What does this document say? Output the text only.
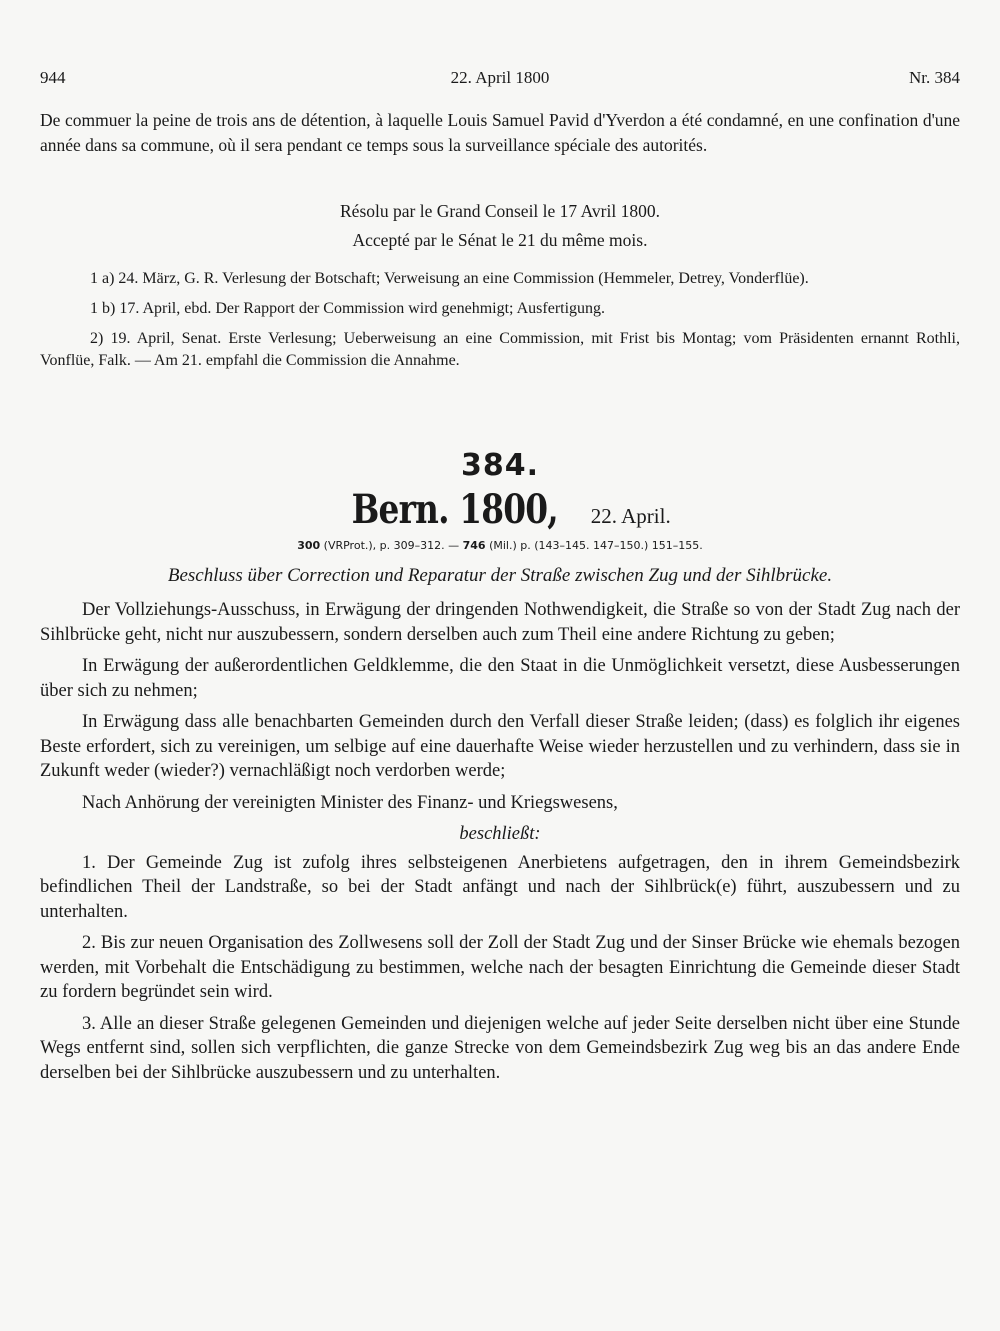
944	22. April 1800	Nr. 384

De commuer la peine de trois ans de détention, à laquelle Louis Samuel Pavid d'Yverdon a été condamné, en une confination d'une année dans sa commune, où il sera pendant ce temps sous la surveillance spéciale des autorités.

Résolu par le Grand Conseil le 17 Avril 1800.

Accepté par le Sénat le 21 du même mois.

1 a) 24. März, G. R. Verlesung der Botschaft; Verweisung an eine Commission (Hemmeler, Detrey, Vonderflüe).

1 b) 17. April, ebd. Der Rapport der Commission wird genehmigt; Ausfertigung.

2) 19. April, Senat. Erste Verlesung; Ueberweisung an eine Commission, mit Frist bis Montag; vom Präsidenten ernannt Rothli, Vonflüe, Falk. — Am 21. empfahl die Commission die Annahme.

384.
Bern. 1800, 22. April.
300 (VRProt.), p. 309–312. — 746 (Mil.) p. (143–145. 147–150.) 151–155.
Beschluss über Correction und Reparatur der Straße zwischen Zug und der Sihlbrücke.

Der Vollziehungs-Ausschuss, in Erwägung der dringenden Nothwendigkeit, die Straße so von der Stadt Zug nach der Sihlbrücke geht, nicht nur auszubessern, sondern derselben auch zum Theil eine andere Richtung zu geben;

In Erwägung der außerordentlichen Geldklemme, die den Staat in die Unmöglichkeit versetzt, diese Ausbesserungen über sich zu nehmen;

In Erwägung dass alle benachbarten Gemeinden durch den Verfall dieser Straße leiden; (dass) es folglich ihr eigenes Beste erfordert, sich zu vereinigen, um selbige auf eine dauerhafte Weise wieder herzustellen und zu verhindern, dass sie in Zukunft weder (wieder?) vernachläßigt noch verdorben werde;

Nach Anhörung der vereinigten Minister des Finanz- und Kriegswesens,

beschließt:

1. Der Gemeinde Zug ist zufolg ihres selbsteigenen Anerbietens aufgetragen, den in ihrem Gemeindsbezirk befindlichen Theil der Landstraße, so bei der Stadt anfängt und nach der Sihlbrück(e) führt, auszubessern und zu unterhalten.

2. Bis zur neuen Organisation des Zollwesens soll der Zoll der Stadt Zug und der Sinser Brücke wie ehemals bezogen werden, mit Vorbehalt die Entschädigung zu bestimmen, welche nach der besagten Einrichtung die Gemeinde dieser Stadt zu fordern begründet sein wird.

3. Alle an dieser Straße gelegenen Gemeinden und diejenigen welche auf jeder Seite derselben nicht über eine Stunde Wegs entfernt sind, sollen sich verpflichten, die ganze Strecke von dem Gemeindsbezirk Zug weg bis an das andere Ende derselben bei der Sihlbrücke auszubessern und zu unterhalten.
